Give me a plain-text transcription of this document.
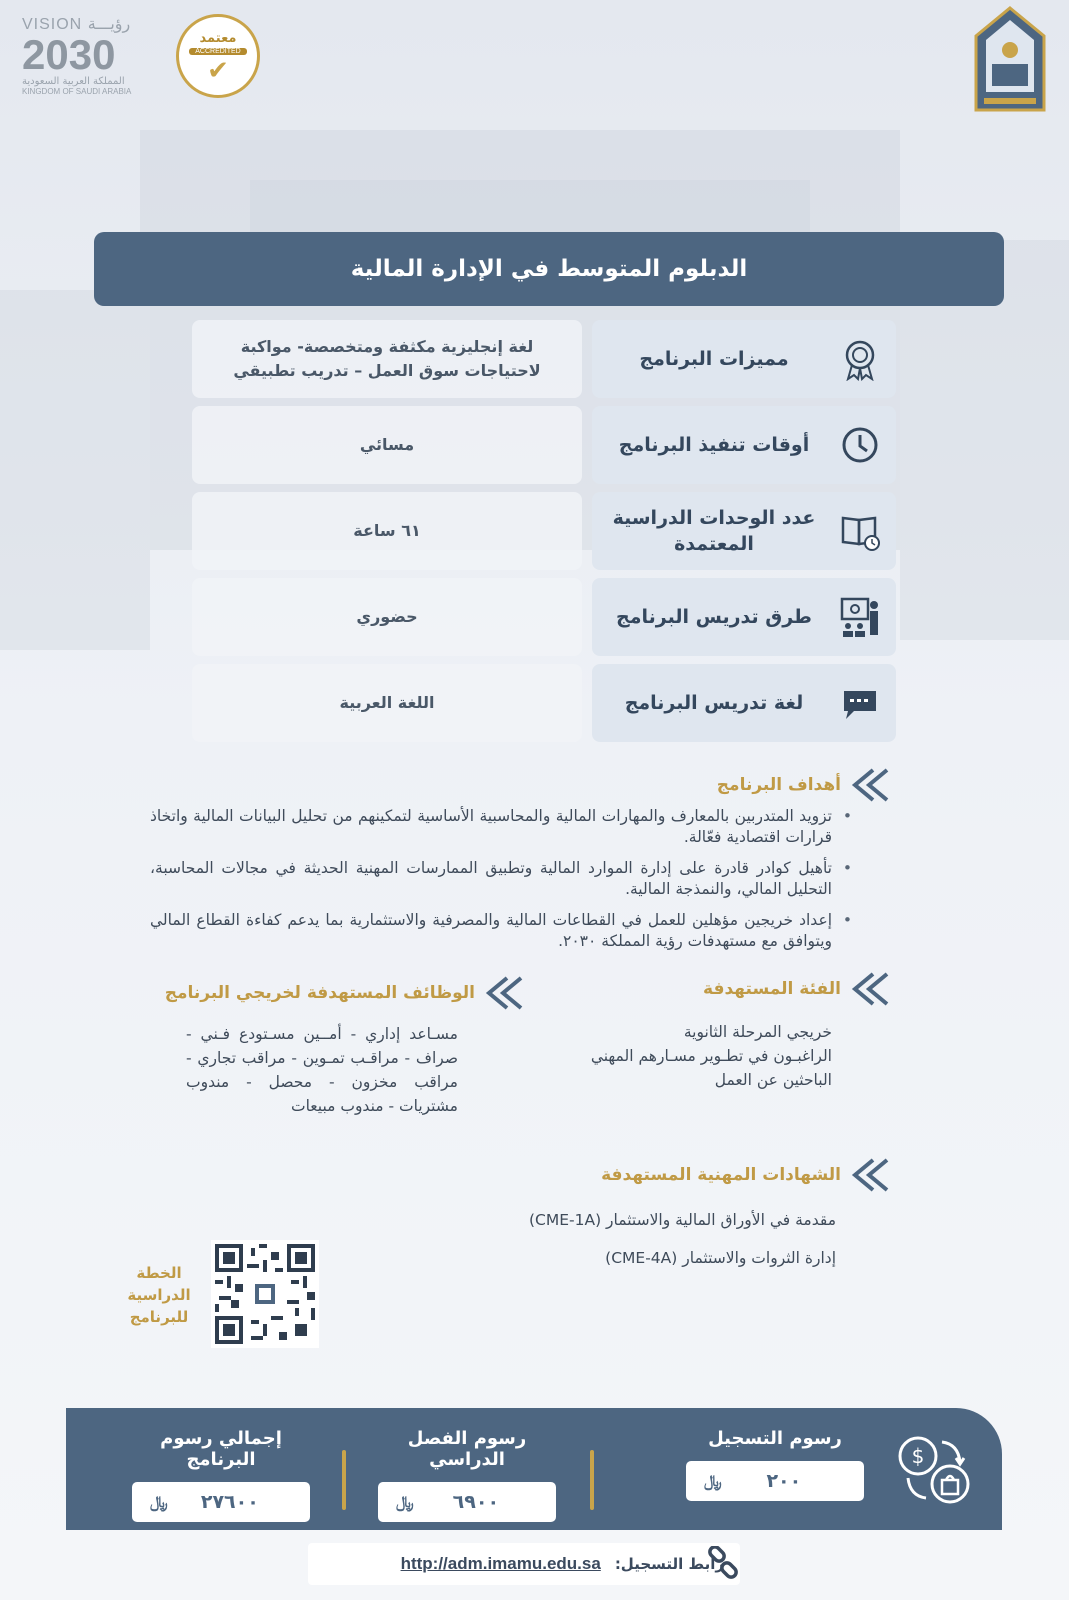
VISION رؤيـــة
2030
المملكة العربية السعودية
KINGDOM OF SAUDI ARABIA
معتمد
ACCREDITED
✔
الدبلوم المتوسط في الإدارة المالية
مميزات البرنامج
لغة إنجليزية مكثفة ومتخصصة- مواكبة لاحتياجات سوق العمل – تدريب تطبيقي
أوقات تنفيذ البرنامج
مسائي
عدد الوحدات الدراسية المعتمدة
٦١ ساعة
طرق تدريس البرنامج
حضوري
لغة تدريس البرنامج
اللغة العربية
أهداف البرنامج
• تزويد المتدربين بالمعارف والمهارات المالية والمحاسبية الأساسية لتمكينهم من تحليل البيانات المالية واتخاذ قرارات اقتصادية فعّالة.
• تأهيل كوادر قادرة على إدارة الموارد المالية وتطبيق الممارسات المهنية الحديثة في مجالات المحاسبة، التحليل المالي، والنمذجة المالية.
• إعداد خريجين مؤهلين للعمل في القطاعات المالية والمصرفية والاستثمارية بما يدعم كفاءة القطاع المالي ويتوافق مع مستهدفات رؤية المملكة ٢٠٣٠.
الفئة المستهدفة
خريجي المرحلة الثانوية
الراغبـون في تطـوير مسـارهم المهني
الباحثين عن العمل
الوظائف المستهدفة لخريجي البرنامج
مسـاعد إداري - أمــين مسـتودع فـني - صراف - مراقـب تمـوين - مراقب تجاري - مراقب مخزون - محصل - مندوب مشتريات - مندوب مبيعات
الشهادات المهنية المستهدفة
مقدمة في الأوراق المالية والاستثمار (CME-1A)
إدارة الثروات والاستثمار (CME-4A)
الخطة الدراسية للبرنامج
رسوم التسجيل
٢٠٠
﷼
رسوم الفصل الدراسي
٦٩٠٠
﷼
إجمالي رسوم البرنامج
٢٧٦٠٠
﷼
$
رابط التسجيل:
http://adm.imamu.edu.sa
